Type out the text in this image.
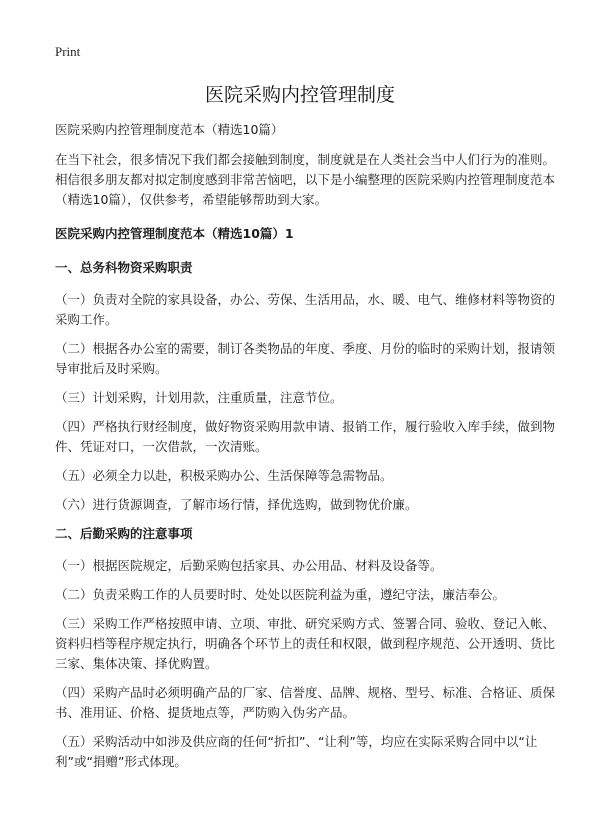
Print
医院采购内控管理制度

医院采购内控管理制度范本（精选10篇）

在当下社会，很多情况下我们都会接触到制度，制度就是在人类社会当中人们行为的准则。相信很多朋友都对拟定制度感到非常苦恼吧，以下是小编整理的医院采购内控管理制度范本（精选10篇），仅供参考，希望能够帮助到大家。

医院采购内控管理制度范本（精选10篇）1

一、总务科物资采购职责

（一）负责对全院的家具设备，办公、劳保、生活用品，水、暖、电气、维修材料等物资的采购工作。

（二）根据各办公室的需要，制订各类物品的年度、季度、月份的临时的采购计划，报请领导审批后及时采购。

（三）计划采购，计划用款，注重质量，注意节位。

（四）严格执行财经制度，做好物资采购用款申请、报销工作，履行验收入库手续，做到物件、凭证对口，一次借款，一次清账。

（五）必须全力以赴，积极采购办公、生活保障等急需物品。

（六）进行货源调查，了解市场行情，择优选购，做到物优价廉。

二、后勤采购的注意事项

（一）根据医院规定，后勤采购包括家具、办公用品、材料及设备等。

（二）负责采购工作的人员要时时、处处以医院利益为重，遵纪守法，廉洁奉公。

（三）采购工作严格按照申请、立项、审批、研究采购方式、签署合同、验收、登记入帐、资料归档等程序规定执行，明确各个环节上的责任和权限，做到程序规范、公开透明、货比三家、集体决策、择优购置。

（四）采购产品时必须明确产品的厂家、信誉度、品牌、规格、型号、标准、合格证、质保书、准用证、价格、提货地点等，严防购入伪劣产品。

（五）采购活动中如涉及供应商的任何“折扣”、“让利”等，均应在实际采购合同中以“让利”或“捐赠”形式体现。
